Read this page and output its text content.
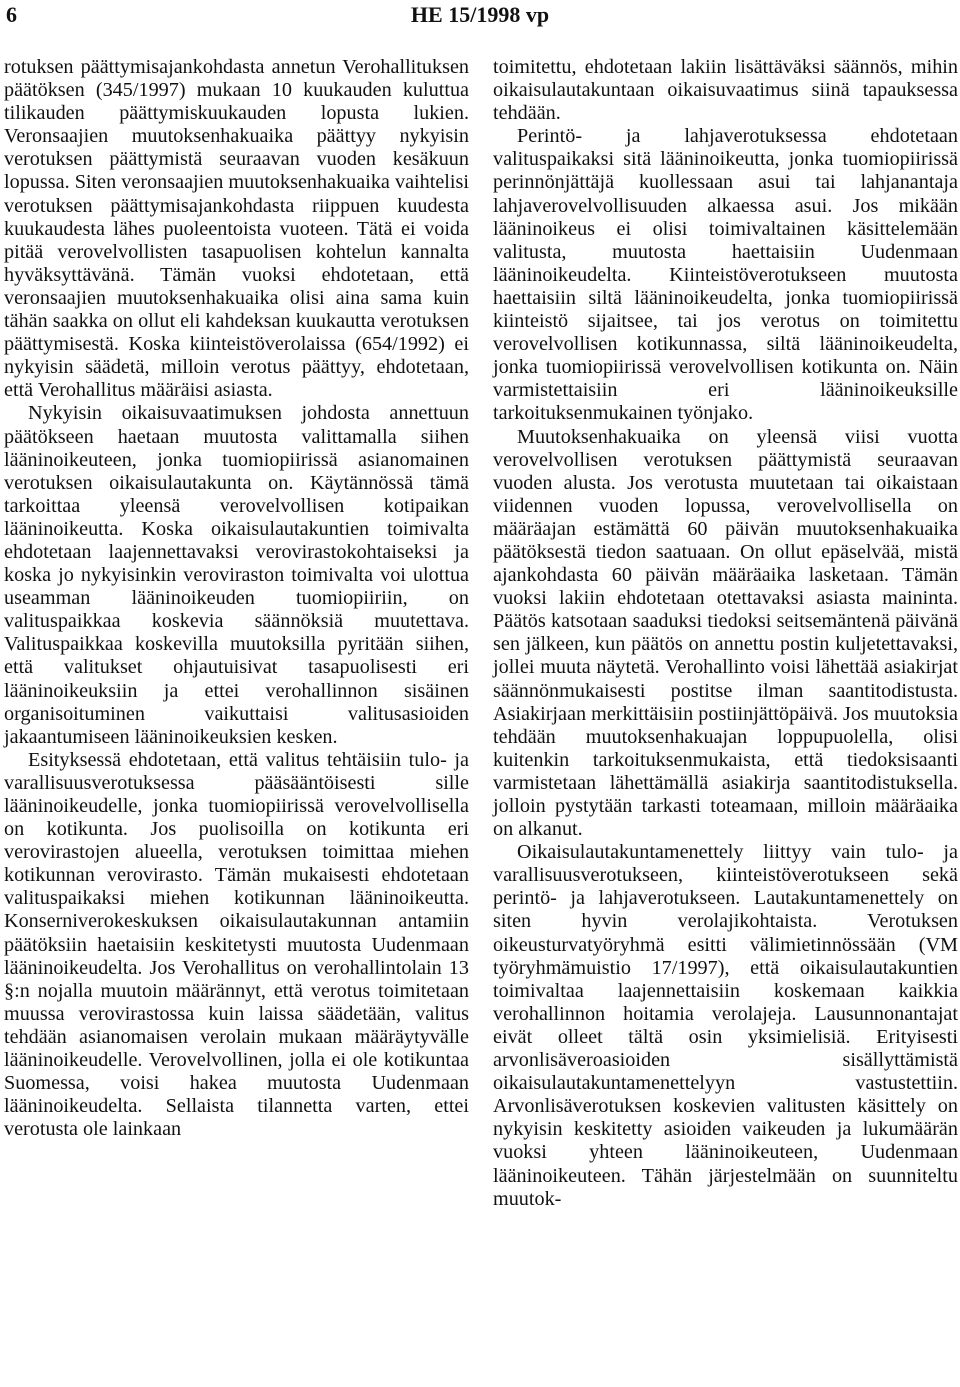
6	HE 15/1998 vp

rotuksen päättymisajankohdasta annetun Verohallituksen päätöksen (345/1997) mukaan 10 kuukauden kuluttua tilikauden päättymiskuukauden lopusta lukien. Veronsaajien muutoksenhakuaika päättyy nykyisin verotuksen päättymistä seuraavan vuoden kesäkuun lopussa. Siten veronsaajien muutoksenhakuaika vaihtelisi verotuksen päättymisajankohdasta riippuen kuudesta kuukaudesta lähes puoleentoista vuoteen. Tätä ei voida pitää verovelvollisten tasapuolisen kohtelun kannalta hyväksyttävänä. Tämän vuoksi ehdotetaan, että veronsaajien muutoksenhakuaika olisi aina sama kuin tähän saakka on ollut eli kahdeksan kuukautta verotuksen päättymisestä. Koska kiinteistöverolaissa (654/1992) ei nykyisin säädetä, milloin verotus päättyy, ehdotetaan, että Verohallitus määräisi asiasta.

Nykyisin oikaisuvaatimuksen johdosta annettuun päätökseen haetaan muutosta valittamalla siihen lääninoikeuteen, jonka tuomiopiirissä asianomainen verotuksen oikaisulautakunta on. Käytännössä tämä tarkoittaa yleensä verovelvollisen kotipaikan lääninoikeutta. Koska oikaisulautakuntien toimivalta ehdotetaan laajennettavaksi verovirastokohtaiseksi ja koska jo nykyisinkin veroviraston toimivalta voi ulottua useamman lääninoikeuden tuomiopiiriin, on valituspaikkaa koskevia säännöksiä muutettava. Valituspaikkaa koskevilla muutoksilla pyritään siihen, että valitukset ohjautuisivat tasapuolisesti eri lääninoikeuksiin ja ettei verohallinnon sisäinen organisoituminen vaikuttaisi valitusasioiden jakaantumiseen lääninoikeuksien kesken.

Esityksessä ehdotetaan, että valitus tehtäisiin tulo- ja varallisuusverotuksessa pääsääntöisesti sille lääninoikeudelle, jonka tuomiopiirissä verovelvollisella on kotikunta. Jos puolisoilla on kotikunta eri verovirastojen alueella, verotuksen toimittaa miehen kotikunnan verovirasto. Tämän mukaisesti ehdotetaan valituspaikaksi miehen kotikunnan lääninoikeutta. Konserniverokeskuksen oikaisulautakunnan antamiin päätöksiin haetaisiin keskitetysti muutosta Uudenmaan lääninoikeudelta. Jos Verohallitus on verohallintolain 13 §:n nojalla muutoin määrännyt, että verotus toimitetaan muussa verovirastossa kuin laissa säädetään, valitus tehdään asianomaisen verolain mukaan määräytyvälle lääninoikeudelle. Verovelvollinen, jolla ei ole kotikuntaa Suomessa, voisi hakea muutosta Uudenmaan lääninoikeudelta. Sellaista tilannetta varten, ettei verotusta ole lainkaan

toimitettu, ehdotetaan lakiin lisättäväksi säännös, mihin oikaisulautakuntaan oikaisuvaatimus siinä tapauksessa tehdään.

Perintö- ja lahjaverotuksessa ehdotetaan valituspaikaksi sitä lääninoikeutta, jonka tuomiopiirissä perinnönjättäjä kuollessaan asui tai lahjanantaja lahjaverovelvollisuuden alkaessa asui. Jos mikään lääninoikeus ei olisi toimivaltainen käsittelemään valitusta, muutosta haettaisiin Uudenmaan lääninoikeudelta. Kiinteistöverotukseen muutosta haettaisiin siltä lääninoikeudelta, jonka tuomiopiirissä kiinteistö sijaitsee, tai jos verotus on toimitettu verovelvollisen kotikunnassa, siltä lääninoikeudelta, jonka tuomiopiirissä verovelvollisen kotikunta on. Näin varmistettaisiin eri lääninoikeuksille tarkoituksenmukainen työnjako.

Muutoksenhakuaika on yleensä viisi vuotta verovelvollisen verotuksen päättymistä seuraavan vuoden alusta. Jos verotusta muutetaan tai oikaistaan viidennen vuoden lopussa, verovelvollisella on määräajan estämättä 60 päivän muutoksenhakuaika päätöksestä tiedon saatuaan. On ollut epäselvää, mistä ajankohdasta 60 päivän määräaika lasketaan. Tämän vuoksi lakiin ehdotetaan otettavaksi asiasta maininta. Päätös katsotaan saaduksi tiedoksi seitsemäntenä päivänä sen jälkeen, kun päätös on annettu postin kuljetettavaksi, jollei muuta näytetä. Verohallinto voisi lähettää asiakirjat säännönmukaisesti postitse ilman saantitodistusta. Asiakirjaan merkittäisiin postiinjättöpäivä. Jos muutoksia tehdään muutoksenhakuajan loppupuolella, olisi kuitenkin tarkoituksenmukaista, että tiedoksisaanti varmistetaan lähettämällä asiakirja saantitodistuksella. jolloin pystytään tarkasti toteamaan, milloin määräaika on alkanut.

Oikaisulautakuntamenettely liittyy vain tulo- ja varallisuusverotukseen, kiinteistöverotukseen sekä perintö- ja lahjaverotukseen. Lautakuntamenettely on siten hyvin verolajikohtaista. Verotuksen oikeusturvatyöryhmä esitti välimietinnössään (VM työryhmämuistio 17/1997), että oikaisulautakuntien toimivaltaa laajennettaisiin koskemaan kaikkia verohallinnon hoitamia verolajeja. Lausunnonantajat eivät olleet tältä osin yksimielisiä. Erityisesti arvonlisäveroasioiden sisällyttämistä oikaisulautakuntamenettelyyn vastustettiin. Arvonlisäverotuksen koskevien valitusten käsittely on nykyisin keskitetty asioiden vaikeuden ja lukumäärän vuoksi yhteen lääninoikeuteen, Uudenmaan lääninoikeuteen. Tähän järjestelmään on suunniteltu muutok-
